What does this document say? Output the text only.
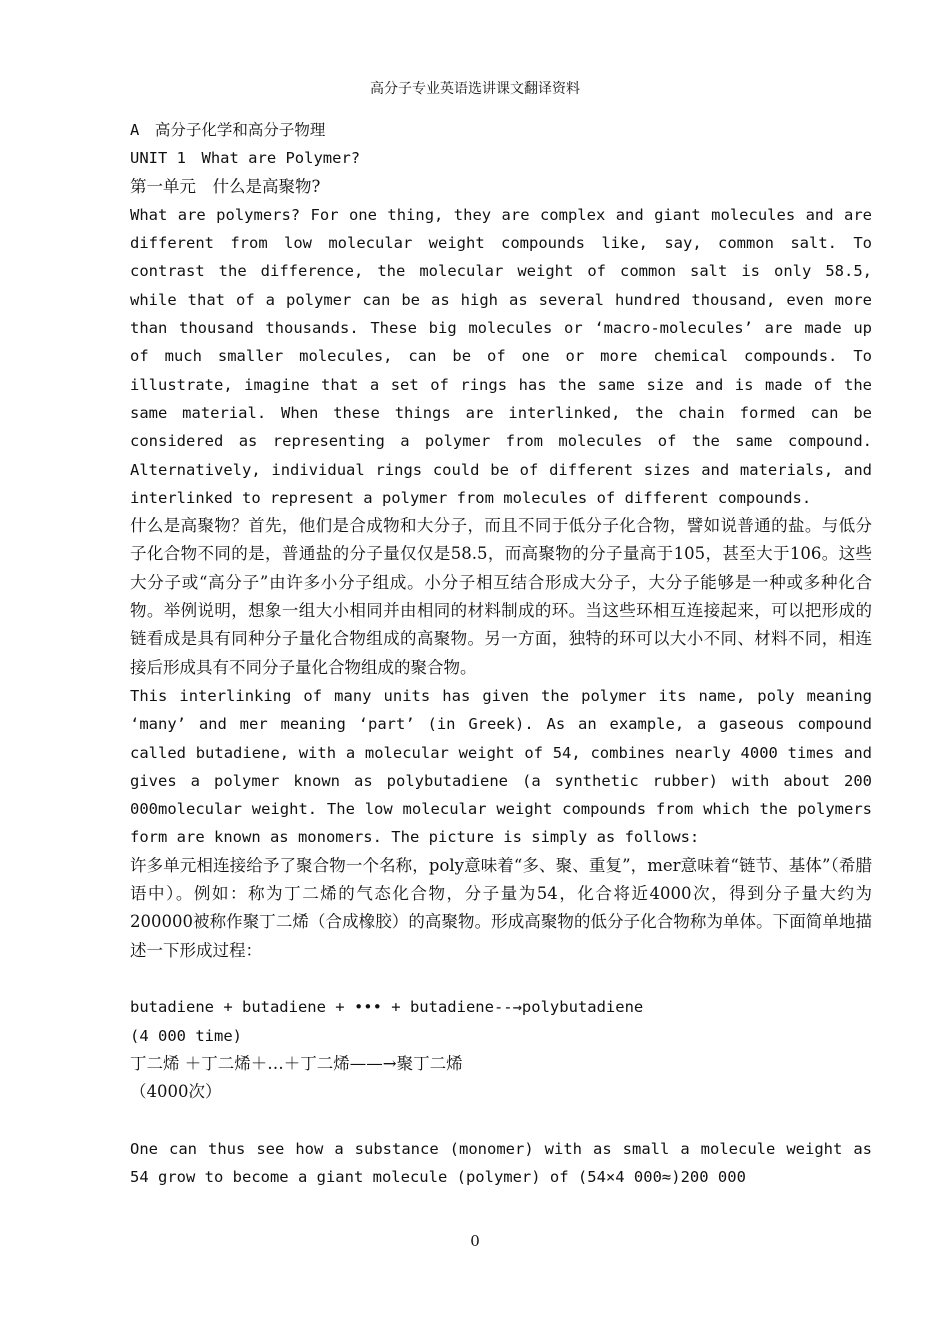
高分子专业英语选讲课文翻译资料

A　高分子化学和高分子物理

UNIT 1　What are Polymer?

第一单元　什么是高聚物?

What are polymers? For one thing, they are complex and giant molecules and are different from low molecular weight compounds like, say, common salt. To contrast the difference, the molecular weight of common salt is only 58.5, while that of a polymer can be as high as several hundred thousand, even more than thousand thousands. These big molecules or ‘macro-molecules’ are made up of much smaller molecules, can be of one or more chemical compounds. To illustrate, imagine that a set of rings has the same size and is made of the same material. When these things are interlinked, the chain formed can be considered as representing a polymer from molecules of the same compound. Alternatively, individual rings could be of different sizes and materials, and interlinked to represent a polymer from molecules of different compounds.

什么是高聚物？首先，他们是合成物和大分子，而且不同于低分子化合物，譬如说普通的盐。与低分子化合物不同的是，普通盐的分子量仅仅是58.5，而高聚物的分子量高于105，甚至大于106。这些大分子或“高分子”由许多小分子组成。小分子相互结合形成大分子，大分子能够是一种或多种化合物。举例说明，想象一组大小相同并由相同的材料制成的环。当这些环相互连接起来，可以把形成的链看成是具有同种分子量化合物组成的高聚物。另一方面，独特的环可以大小不同、材料不同，相连接后形成具有不同分子量化合物组成的聚合物。

This interlinking of many units has given the polymer its name, poly meaning ‘many’ and mer meaning ‘part’ (in Greek). As an example, a gaseous compound called butadiene, with a molecular weight of 54, combines nearly 4000 times and gives a polymer known as polybutadiene (a synthetic rubber) with about 200 000molecular weight. The low molecular weight compounds from which the polymers form are known as monomers. The picture is simply as follows:

许多单元相连接给予了聚合物一个名称，poly意味着“多、聚、重复”，mer意味着“链节、基体”（希腊语中）。例如：称为丁二烯的气态化合物，分子量为54，化合将近4000次，得到分子量大约为200000被称作聚丁二烯（合成橡胶）的高聚物。形成高聚物的低分子化合物称为单体。下面简单地描述一下形成过程：

butadiene + butadiene + ••• + butadiene--→polybutadiene

(4 000 time)

丁二烯 ＋丁二烯＋…＋丁二烯——→聚丁二烯

（4000次）

One can thus see how a substance (monomer) with as small a molecule weight as 54 grow to become a giant molecule (polymer) of (54×4 000≈)200 000

0
